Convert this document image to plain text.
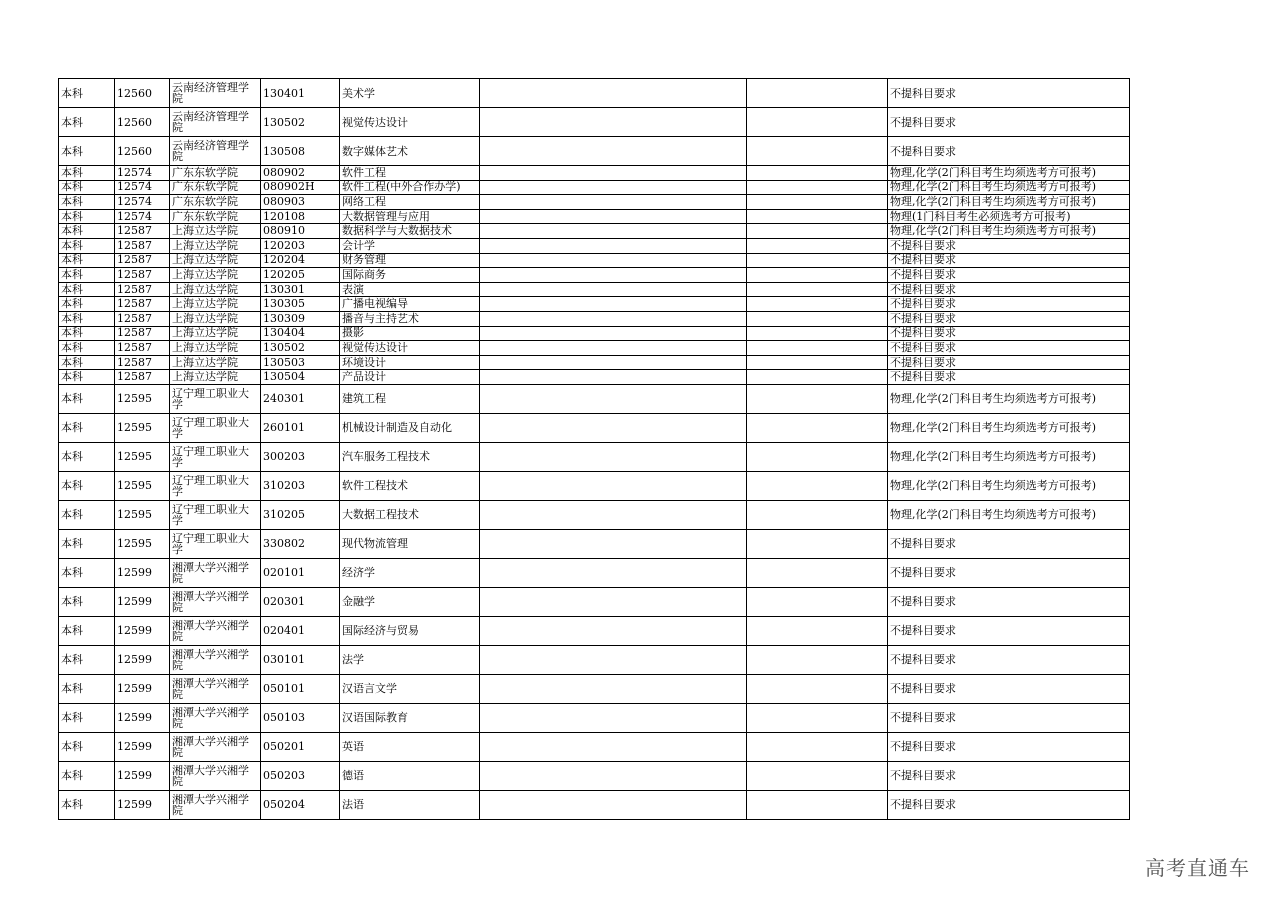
本科	12560	云南经济管理学院	130401	美术学			不提科目要求
本科	12560	云南经济管理学院	130502	视觉传达设计			不提科目要求
本科	12560	云南经济管理学院	130508	数字媒体艺术			不提科目要求
本科	12574	广东东软学院	080902	软件工程			物理,化学(2门科目考生均须选考方可报考)
本科	12574	广东东软学院	080902H	软件工程(中外合作办学)			物理,化学(2门科目考生均须选考方可报考)
本科	12574	广东东软学院	080903	网络工程			物理,化学(2门科目考生均须选考方可报考)
本科	12574	广东东软学院	120108	大数据管理与应用			物理(1门科目考生必须选考方可报考)
本科	12587	上海立达学院	080910	数据科学与大数据技术			物理,化学(2门科目考生均须选考方可报考)
本科	12587	上海立达学院	120203	会计学			不提科目要求
本科	12587	上海立达学院	120204	财务管理			不提科目要求
本科	12587	上海立达学院	120205	国际商务			不提科目要求
本科	12587	上海立达学院	130301	表演			不提科目要求
本科	12587	上海立达学院	130305	广播电视编导			不提科目要求
本科	12587	上海立达学院	130309	播音与主持艺术			不提科目要求
本科	12587	上海立达学院	130404	摄影			不提科目要求
本科	12587	上海立达学院	130502	视觉传达设计			不提科目要求
本科	12587	上海立达学院	130503	环境设计			不提科目要求
本科	12587	上海立达学院	130504	产品设计			不提科目要求
本科	12595	辽宁理工职业大学	240301	建筑工程			物理,化学(2门科目考生均须选考方可报考)
本科	12595	辽宁理工职业大学	260101	机械设计制造及自动化			物理,化学(2门科目考生均须选考方可报考)
本科	12595	辽宁理工职业大学	300203	汽车服务工程技术			物理,化学(2门科目考生均须选考方可报考)
本科	12595	辽宁理工职业大学	310203	软件工程技术			物理,化学(2门科目考生均须选考方可报考)
本科	12595	辽宁理工职业大学	310205	大数据工程技术			物理,化学(2门科目考生均须选考方可报考)
本科	12595	辽宁理工职业大学	330802	现代物流管理			不提科目要求
本科	12599	湘潭大学兴湘学院	020101	经济学			不提科目要求
本科	12599	湘潭大学兴湘学院	020301	金融学			不提科目要求
本科	12599	湘潭大学兴湘学院	020401	国际经济与贸易			不提科目要求
本科	12599	湘潭大学兴湘学院	030101	法学			不提科目要求
本科	12599	湘潭大学兴湘学院	050101	汉语言文学			不提科目要求
本科	12599	湘潭大学兴湘学院	050103	汉语国际教育			不提科目要求
本科	12599	湘潭大学兴湘学院	050201	英语			不提科目要求
本科	12599	湘潭大学兴湘学院	050203	德语			不提科目要求
本科	12599	湘潭大学兴湘学院	050204	法语			不提科目要求
高考直通车
